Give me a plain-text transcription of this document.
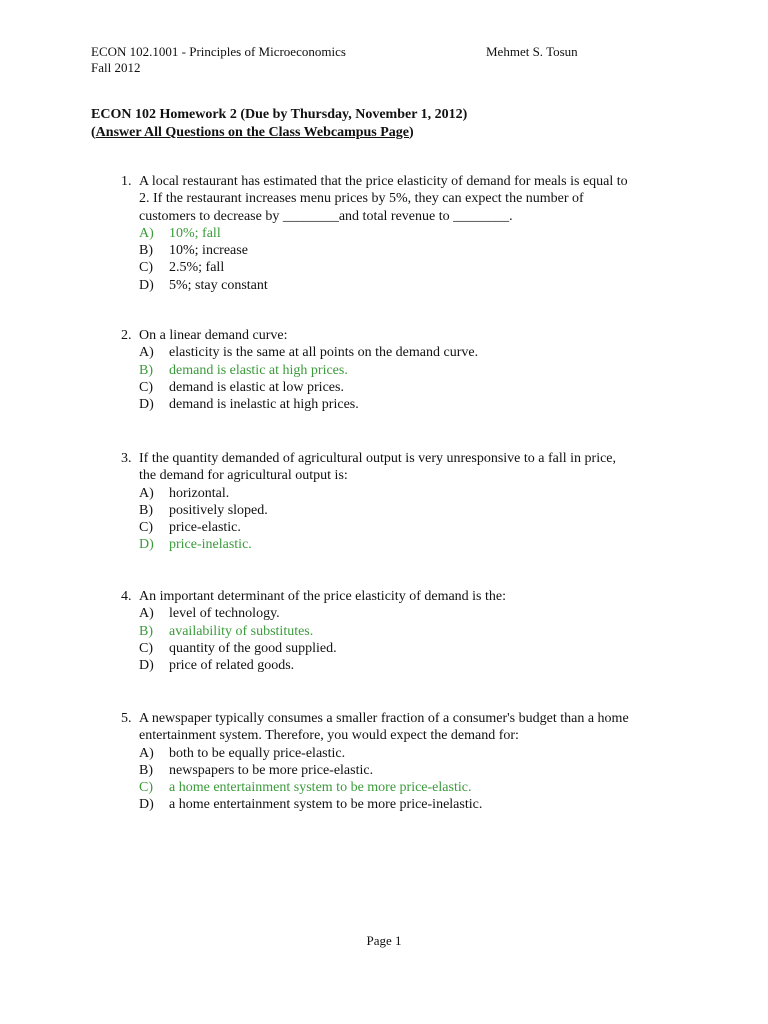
ECON 102.1001 - Principles of Microeconomics
Fall 2012
Mehmet S. Tosun
ECON 102 Homework 2 (Due by Thursday, November 1, 2012)
(Answer All Questions on the Class Webcampus Page)
1. A local restaurant has estimated that the price elasticity of demand for meals is equal to
2. If the restaurant increases menu prices by 5%, they can expect the number of
customers to decrease by ________and total revenue to ________.
A)	10%; fall
B)	10%; increase
C)	2.5%; fall
D)	5%; stay constant
2. On a linear demand curve:
A)	elasticity is the same at all points on the demand curve.
B)	demand is elastic at high prices.
C)	demand is elastic at low prices.
D)	demand is inelastic at high prices.
3. If the quantity demanded of agricultural output is very unresponsive to a fall in price,
the demand for agricultural output is:
A)	horizontal.
B)	positively sloped.
C)	price-elastic.
D)	price-inelastic.
4. An important determinant of the price elasticity of demand is the:
A)	level of technology.
B)	availability of substitutes.
C)	quantity of the good supplied.
D)	price of related goods.
5. A newspaper typically consumes a smaller fraction of a consumer's budget than a home
entertainment system. Therefore, you would expect the demand for:
A)	both to be equally price-elastic.
B)	newspapers to be more price-elastic.
C)	a home entertainment system to be more price-elastic.
D)	a home entertainment system to be more price-inelastic.
Page 1
